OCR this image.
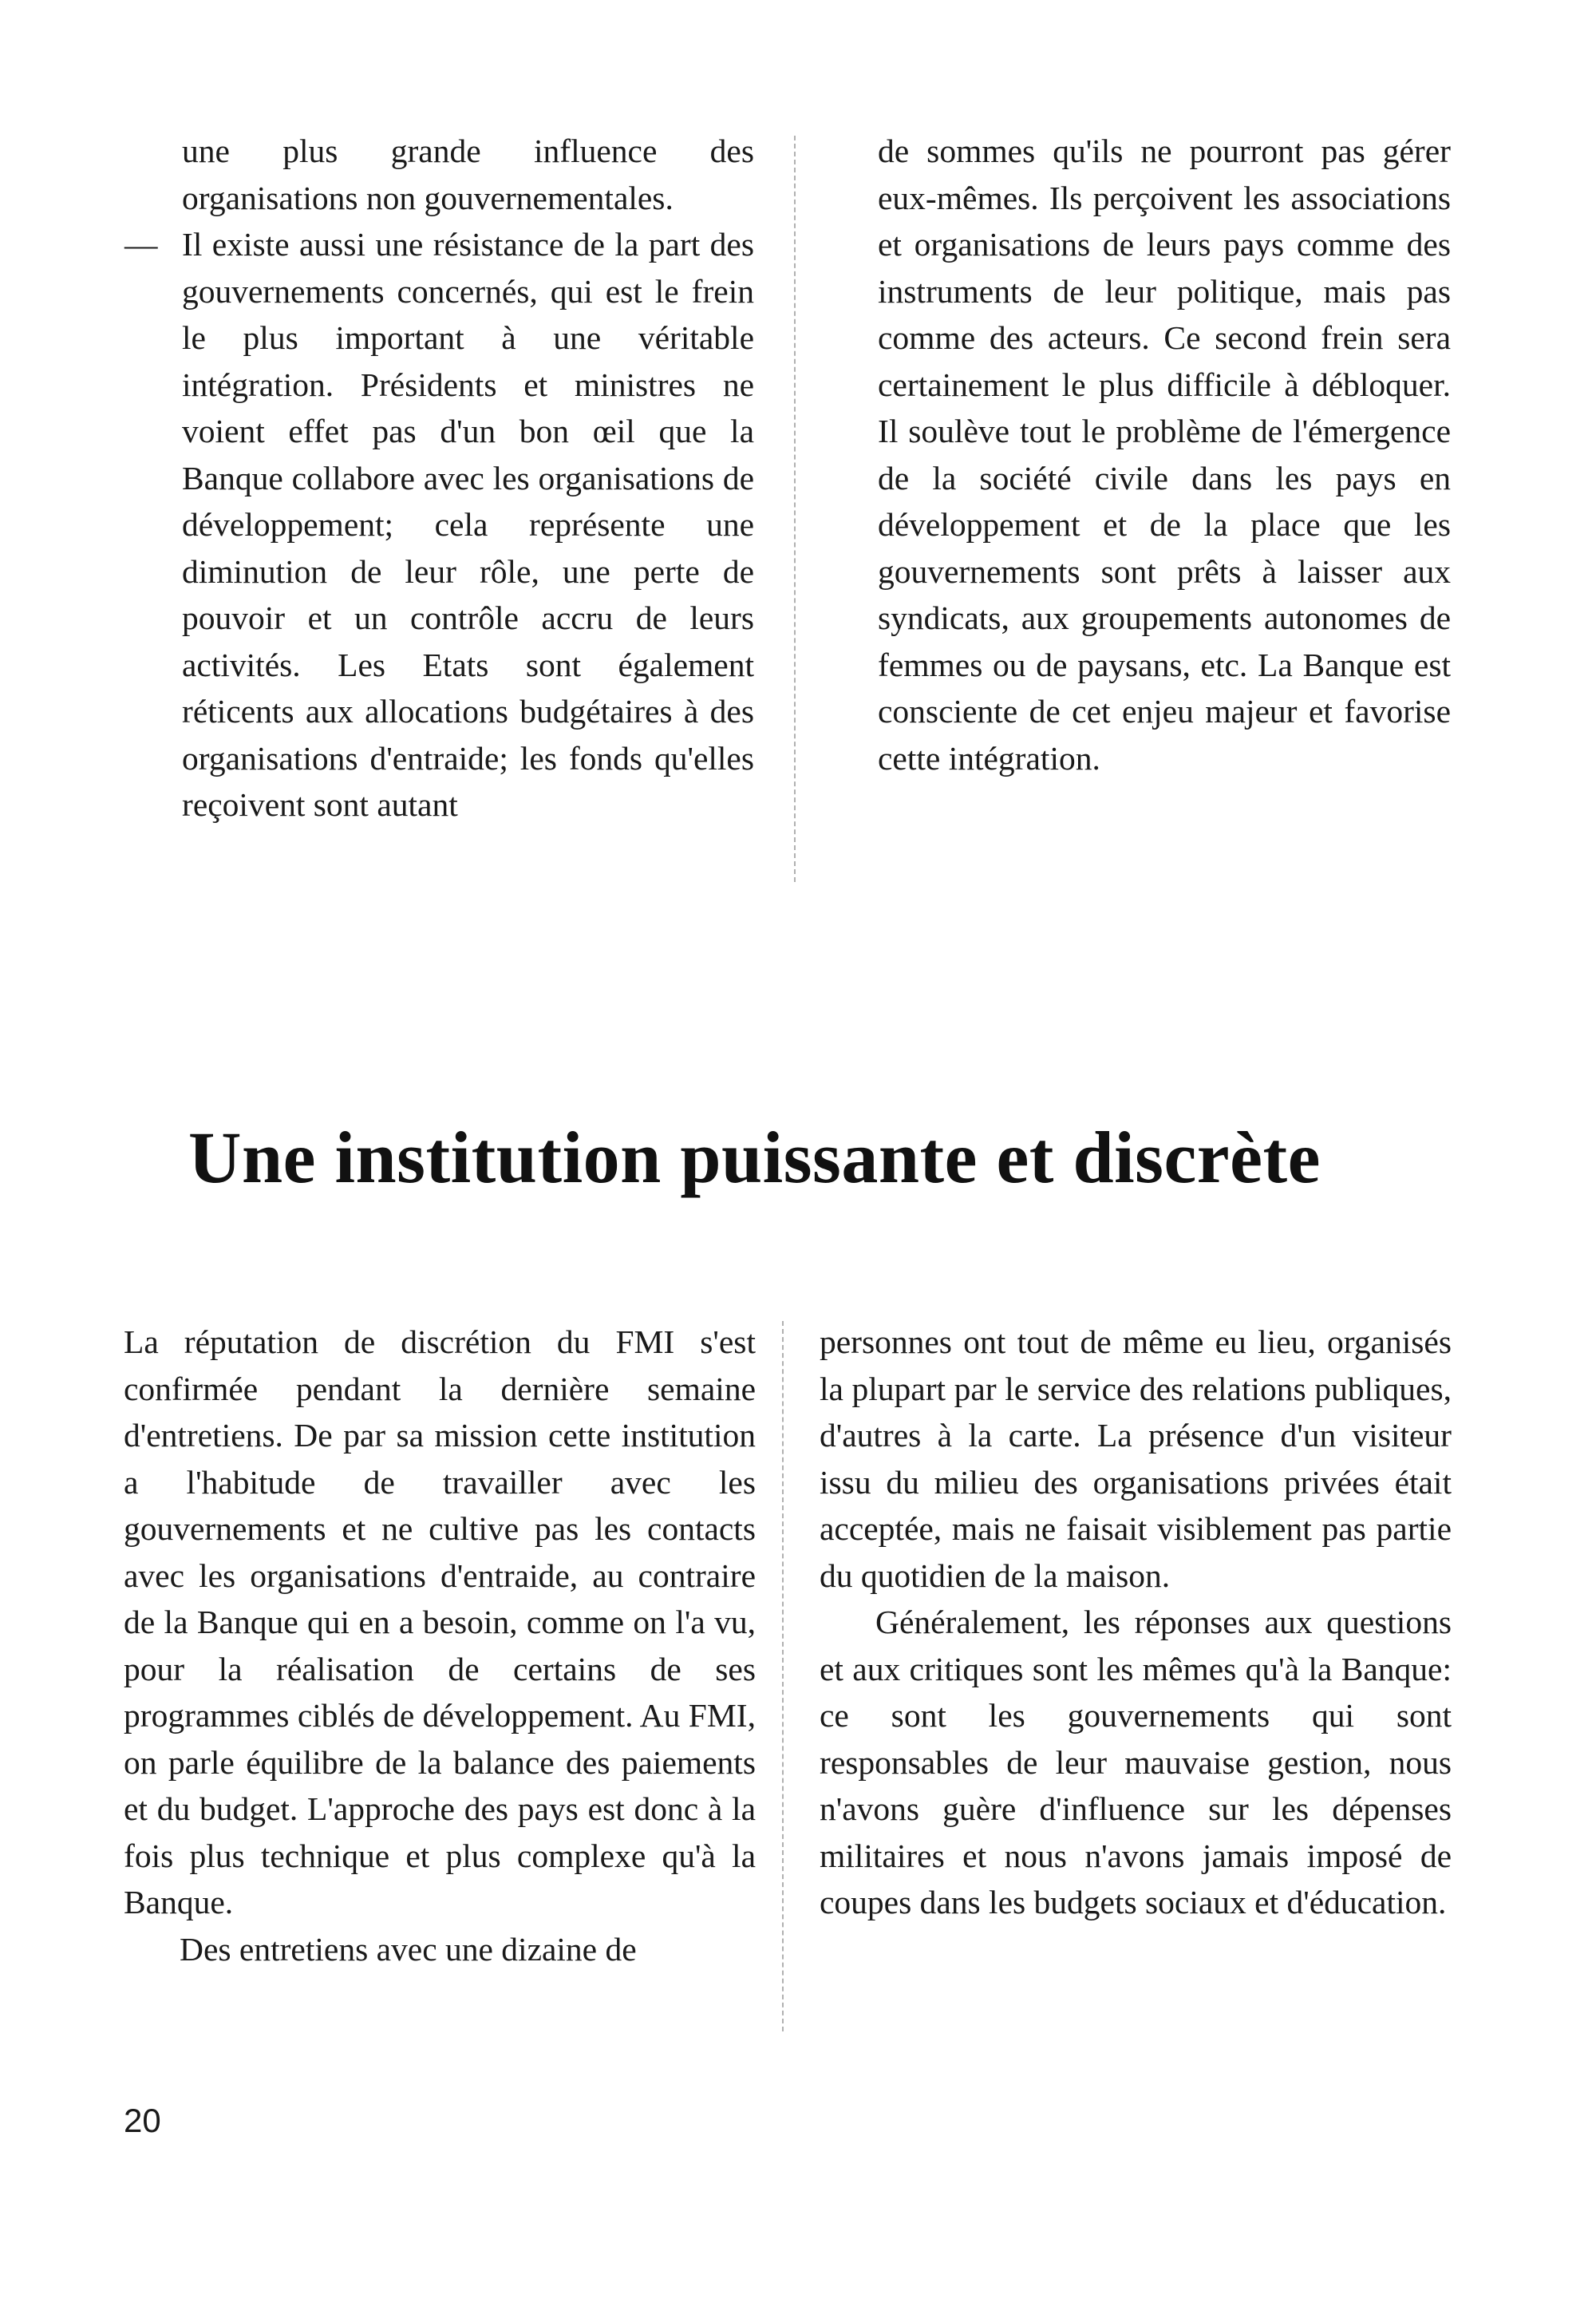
une plus grande influence des organisations non gouvernementales.

— Il existe aussi une résistance de la part des gouvernements concernés, qui est le frein le plus important à une véritable intégration. Présidents et ministres ne voient effet pas d'un bon œil que la Banque collabore avec les organisations de développement; cela représente une diminution de leur rôle, une perte de pouvoir et un contrôle accru de leurs activités. Les Etats sont également réticents aux allocations budgétaires à des organisations d'entraide; les fonds qu'elles reçoivent sont autant

de sommes qu'ils ne pourront pas gérer eux-mêmes. Ils perçoivent les associations et organisations de leurs pays comme des instruments de leur politique, mais pas comme des acteurs. Ce second frein sera certainement le plus difficile à débloquer. Il soulève tout le problème de l'émergence de la société civile dans les pays en développement et de la place que les gouvernements sont prêts à laisser aux syndicats, aux groupements autonomes de femmes ou de paysans, etc. La Banque est consciente de cet enjeu majeur et favorise cette intégration.

Une institution puissante et discrète

La réputation de discrétion du FMI s'est confirmée pendant la dernière semaine d'entretiens. De par sa mission cette institution a l'habitude de travailler avec les gouvernements et ne cultive pas les contacts avec les organisations d'entraide, au contraire de la Banque qui en a besoin, comme on l'a vu, pour la réalisation de certains de ses programmes ciblés de développement. Au FMI, on parle équilibre de la balance des paiements et du budget. L'approche des pays est donc à la fois plus technique et plus complexe qu'à la Banque.

Des entretiens avec une dizaine de

personnes ont tout de même eu lieu, organisés la plupart par le service des relations publiques, d'autres à la carte. La présence d'un visiteur issu du milieu des organisations privées était acceptée, mais ne faisait visiblement pas partie du quotidien de la maison.

Généralement, les réponses aux questions et aux critiques sont les mêmes qu'à la Banque: ce sont les gouvernements qui sont responsables de leur mauvaise gestion, nous n'avons guère d'influence sur les dépenses militaires et nous n'avons jamais imposé de coupes dans les budgets sociaux et d'éducation.

20
